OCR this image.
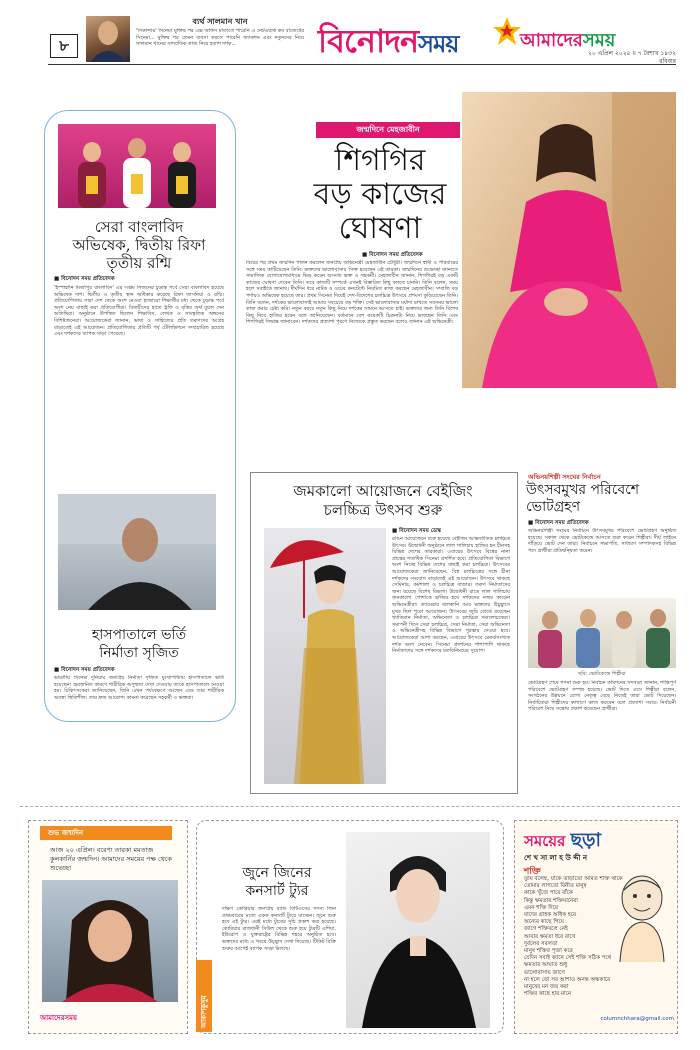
৮
ব্যর্থ সালমান খান
'সিকান্দার' সিনেমা মুক্তির পর এক্স অফিস মাতাতে পারেনি এ নেটওয়ার্ক কম বাজেটের সিনেমা... মুক্তির পর তেমন ব্যবসা করতে পারেনি অ্যাকশন এবং নতুনদের নিয়ে সালমান খানের সাম্প্রতিক কাজ নিয়ে হতাশ দর্শক...	বিনোদনসময়	আমাদেরসময়
২০ এপ্রিল ২০২৫ ॥ ৭ বৈশাখ ১৪৩২
রবিবার
সেরা বাংলাবিদ
অভিষেক, দ্বিতীয় রিফা
তৃতীয় রশ্মি
■ বিনোদন সময় প্রতিবেদক
'ইস্পাহানি মির্জাপুর বাংলাবিদ' এর সপ্তম সিজনের চূড়ান্ত পর্বে সেরা বাংলাবিদ হয়েছে অভিষেক দাশ। দ্বিতীয় ও তৃতীয় স্থান অধিকার করেছে রিফা তাসনিয়া ও রশ্মি। প্রতিযোগিতায় সারা দেশ থেকে অংশ নেওয়া হাজারো শিক্ষার্থীর মধ্য থেকে চূড়ান্ত পর্বে অংশ নেয় বাছাই করা প্রতিযোগীরা। বিজয়ীদের হাতে ট্রফি ও বৃত্তির অর্থ তুলে দেন অতিথিরা। অনুষ্ঠানে উপস্থিত ছিলেন শিক্ষাবিদ, লেখক ও সাংস্কৃতিক অঙ্গনের বিশিষ্টজনেরা। আয়োজকেরা জানান, ভাষা ও সাহিত্যের প্রতি তরুণদের আগ্রহ বাড়াতেই এই আয়োজন। প্রতিযোগিতার প্রতিটি পর্ব টেলিভিশনে সম্প্রচারিত হয়েছে এবং দর্শকদের ব্যাপক সাড়া পেয়েছে।
হাসপাতালে ভর্তি
নির্মাতা সৃজিত
■ বিনোদন সময় প্রতিবেদক
ভারতীয় সিনেমা দুনিয়ার জনপ্রিয় নির্মাতা সৃজিত মুখোপাধ্যায় হাসপাতালে ভর্তি হয়েছেন। জ্বরজনিত কারণে শারীরিক অসুস্থতা দেখা দেওয়ায় তাকে হাসপাতালে নেওয়া হয়। চিকিৎসকেরা জানিয়েছেন, তিনি এখন পর্যবেক্ষণে আছেন এবং তার শারীরিক অবস্থা স্থিতিশীল। তার দ্রুত আরোগ্য কামনা করেছেন সহকর্মী ও ভক্তরা।
জন্মদিনে মেহজাবীন
শিগগির
বড় কাজের
ঘোষণা
■ বিনোদন সময় প্রতিবেদক
বিয়ের পর প্রথম জন্মদিন পালন করলেন জনপ্রিয় অভিনেত্রী মেহজাবীন চৌধুরী। জন্মদিনে স্বামী ও পরিবারের সঙ্গে সময় কাটিয়েছেন তিনি। ভক্তদের ভালোবাসায় সিক্ত হয়েছেন এই তারকা। জন্মদিনের শুভেচ্ছা জানাতে সামাজিক যোগাযোগমাধ্যমে ভিড় করেন অসংখ্য ভক্ত ও সহকর্মী। মেহজাবীন জানান, শিগগিরই বড় একটি কাজের ঘোষণা দেবেন তিনি। তবে কাজটি সম্পর্কে এখনই বিস্তারিত কিছু বলতে চাননি। তিনি বলেন, সময় হলে সবাইকে জানাব। দীর্ঘদিন ধরে নাটক ও ওয়েব কনটেন্টে নিয়মিত কাজ করছেন মেহজাবীন। সম্প্রতি বড় পর্দায়ও অভিষেক হয়েছে তার। প্রথম সিনেমা দিয়েই দেশ-বিদেশের চলচ্চিত্র উৎসবে প্রশংসা কুড়িয়েছেন তিনি। তিনি বলেন, দর্শকের ভালোবাসাই আমার সবচেয়ে বড় শক্তি। সেই ভালোবাসার মর্যাদা রাখতে সবসময় ভালো কাজ করার চেষ্টা করি। নতুন বছরে নতুন কিছু নিয়ে দর্শকের সামনে আসতে চাই। ভক্তদের জন্য তিনি বিশেষ কিছু নিয়ে হাজির হবেন বলে জানিয়েছেন। বর্তমানে বেশ কয়েকটি চিত্রনাট্য নিয়ে ভাবছেন তিনি এবং শিগগিরই সিদ্ধান্ত জানাবেন। দর্শকদের প্রত্যাশা পূরণে নিজেকে প্রস্তুত করছেন বলেও জানান এই অভিনেত্রী।
জমকালো আয়োজনে বেইজিং
চলচ্চিত্র উৎসব শুরু
■ বিনোদন সময় ডেস্ক
রঙিন আয়োজনে শুরু হয়েছে বেইজিং আন্তর্জাতিক চলচ্চিত্র উৎসব। উদ্বোধনী অনুষ্ঠানে লাল গালিচায় হাজির হন চীনসহ বিভিন্ন দেশের তারকারা। এবারের উৎসবে বিশ্বের নানা প্রান্তের শতাধিক সিনেমা প্রদর্শিত হবে। প্রতিযোগিতা বিভাগে অংশ নিচ্ছে বিভিন্ন দেশের বাছাই করা চলচ্চিত্র। উৎসবের আয়োজকেরা জানিয়েছেন, বিশ্ব চলচ্চিত্রের সঙ্গে চীনা দর্শকদের সংযোগ বাড়াতেই এই আয়োজন। উৎসবে থাকছে সেমিনার, কর্মশালা ও চলচ্চিত্র বাজার। তরুণ নির্মাতাদের জন্য রয়েছে বিশেষ বিভাগ। উদ্বোধনী রাতে লাল গালিচায় জমকালো পোশাকে হাজির হয়ে দর্শকদের নজর কাড়েন অভিনেত্রীরা। ক্যামেরার ঝলকানি আর ভক্তদের উচ্ছ্বাসে মুখর ছিল পুরো আয়োজন। উৎসবের জুরি বোর্ডে রয়েছেন খ্যাতিমান নির্মাতা, অভিনেতা ও চলচ্চিত্র সমালোচকেরা। সমাপনী দিনে সেরা চলচ্চিত্র, সেরা নির্মাতা, সেরা অভিনেতা ও অভিনেত্রীসহ বিভিন্ন বিভাগে পুরস্কার দেওয়া হবে। আয়োজকেরা আশা করছেন, এবারের উৎসবে রেকর্ডসংখ্যক দর্শক অংশ নেবেন। সিনেমা প্রদর্শনের পাশাপাশি থাকছে নির্মাতাদের সঙ্গে দর্শকদের মতবিনিময়ের সুযোগ।
অভিনয়শিল্পী সংঘের নির্বাচন
উৎসবমুখর পরিবেশে
ভোটগ্রহণ
■ বিনোদন সময় প্রতিবেদক
অভিনয়শিল্পী সংঘের নির্বাচনে উৎসবমুখর পরিবেশে ভোটগ্রহণ অনুষ্ঠিত হয়েছে। সকাল থেকে ভোটকেন্দ্রে আসতে শুরু করেন শিল্পীরা। দীর্ঘ লাইনে দাঁড়িয়ে ভোট দেন তারা। নির্বাচনে সভাপতি, সাধারণ সম্পাদকসহ বিভিন্ন পদে প্রার্থীরা প্রতিদ্বন্দ্বিতা করেন।
ছবি: ভোটকেন্দ্রে শিল্পীরা
ভোটগ্রহণ শেষে গণনা শুরু হয়। নির্বাচন কমিশনের সদস্যরা জানান, শান্তিপূর্ণ পরিবেশে ভোটগ্রহণ সম্পন্ন হয়েছে। ভোট দিতে এসে শিল্পীরা বলেন, সংগঠনের উন্নয়নে যোগ্য নেতৃত্ব বেছে নিতেই তারা ভোট দিয়েছেন। নির্বাচিতরা শিল্পীদের কল্যাণে কাজ করবেন বলে প্রত্যাশা সবার। নির্বাচনী পরিবেশ নিয়ে সন্তোষ প্রকাশ করেছেন প্রার্থীরা।
শুভ জন্মদিন
আজ ২০ এপ্রিল। বরেণ্য তারকা মমতাজ কুলকার্নির জন্মদিন। আমাদের সময়ের পক্ষ থেকে শুভেচ্ছা
আমাদেরসময়	আকাশকুসুম
জুনে জিনের
কনসার্ট ট্যুর
দক্ষিণ কোরিয়ার জনপ্রিয় ব্যান্ড বিটিএসের সদস্য জিন প্রথমবারের মতো একক কনসার্ট ট্যুরে যাচ্ছেন। জুনে শুরু হবে এই ট্যুর। এরই মধ্যে ট্যুরের সূচি প্রকাশ করা হয়েছে। কোরিয়ার রাজধানী সিউল থেকে শুরু হয়ে ট্যুরটি এশিয়া, ইউরোপ ও যুক্তরাষ্ট্রের বিভিন্ন শহরে অনুষ্ঠিত হবে। ভক্তদের মধ্যে এ খবরে উচ্ছ্বাস দেখা দিয়েছে। টিকিট বিক্রি শুরুর আগেই ব্যাপক সাড়া মিলছে।
সময়ের ছড়া
শে খ সা লা হ উ দ্দী ন
শক্তি
তুমি বলেছ, যাকে তাড়াতো অমিত শক্তি থাকে
তোমার লাগতো বিনীত মানুষ
কাকে খুঁজে পাবে বাঁকে
কিন্তু ক্ষমতার শক্তিমানেরা
এমন শক্তি দিয়ে
যাদের গ্রাহক অধিক হয়ে
অন্যের কাছে গিয়ে
জাগে শক্তিবলে নেই
আবার ক্ষমতা ধরে রাখে
দুর্বলের সবলতা
মানুষ শক্তির পূজা করে
যেদিন সবাই জানে সেই শক্তি সঠিক পথে
ক্ষমতার আঘাত শুধু
ভালোবাসায় জাগে
না হলে তো সব আশাও অনন্ত অন্ধকারে
মানুষের মন জয় করা
শক্তির কাছে হার মানে
columnchhara@gmail.com
